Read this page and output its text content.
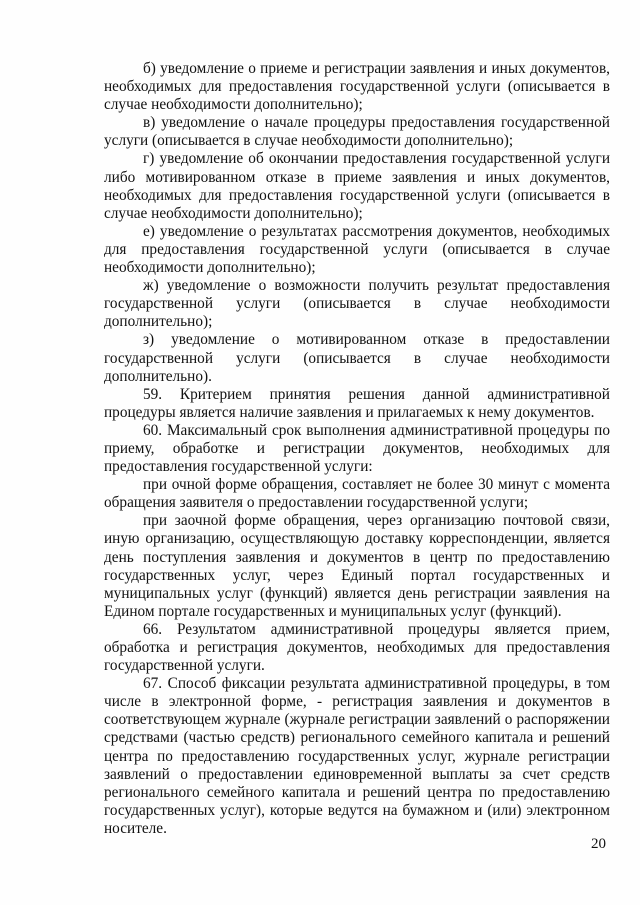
б) уведомление о приеме и регистрации заявления и иных документов, необходимых для предоставления государственной услуги (описывается в случае необходимости дополнительно);

в) уведомление о начале процедуры предоставления государственной услуги (описывается в случае необходимости дополнительно);

г) уведомление об окончании предоставления государственной услуги либо мотивированном отказе в приеме заявления и иных документов, необходимых для предоставления государственной услуги (описывается в случае необходимости дополнительно);

е) уведомление о результатах рассмотрения документов, необходимых для предоставления государственной услуги (описывается в случае необходимости дополнительно);

ж) уведомление о возможности получить результат предоставления государственной услуги (описывается в случае необходимости дополнительно);

з) уведомление о мотивированном отказе в предоставлении государственной услуги (описывается в случае необходимости дополнительно).

59. Критерием принятия решения данной административной процедуры является наличие заявления и прилагаемых к нему документов.

60. Максимальный срок выполнения административной процедуры по приему, обработке и регистрации документов, необходимых для предоставления государственной услуги:

при очной форме обращения, составляет не более 30 минут с момента обращения заявителя о предоставлении государственной услуги;

при заочной форме обращения, через организацию почтовой связи, иную организацию, осуществляющую доставку корреспонденции, является день поступления заявления и документов в центр по предоставлению государственных услуг, через Единый портал государственных и муниципальных услуг (функций) является день регистрации заявления на Едином портале государственных и муниципальных услуг (функций).

66. Результатом административной процедуры является прием, обработка и регистрация документов, необходимых для предоставления государственной услуги.

67. Способ фиксации результата административной процедуры, в том числе в электронной форме, - регистрация заявления и документов в соответствующем журнале (журнале регистрации заявлений о распоряжении средствами (частью средств) регионального семейного капитала и решений центра по предоставлению государственных услуг, журнале регистрации заявлений о предоставлении единовременной выплаты за счет средств регионального семейного капитала и решений центра по предоставлению государственных услуг), которые ведутся на бумажном и (или) электронном носителе.

20
